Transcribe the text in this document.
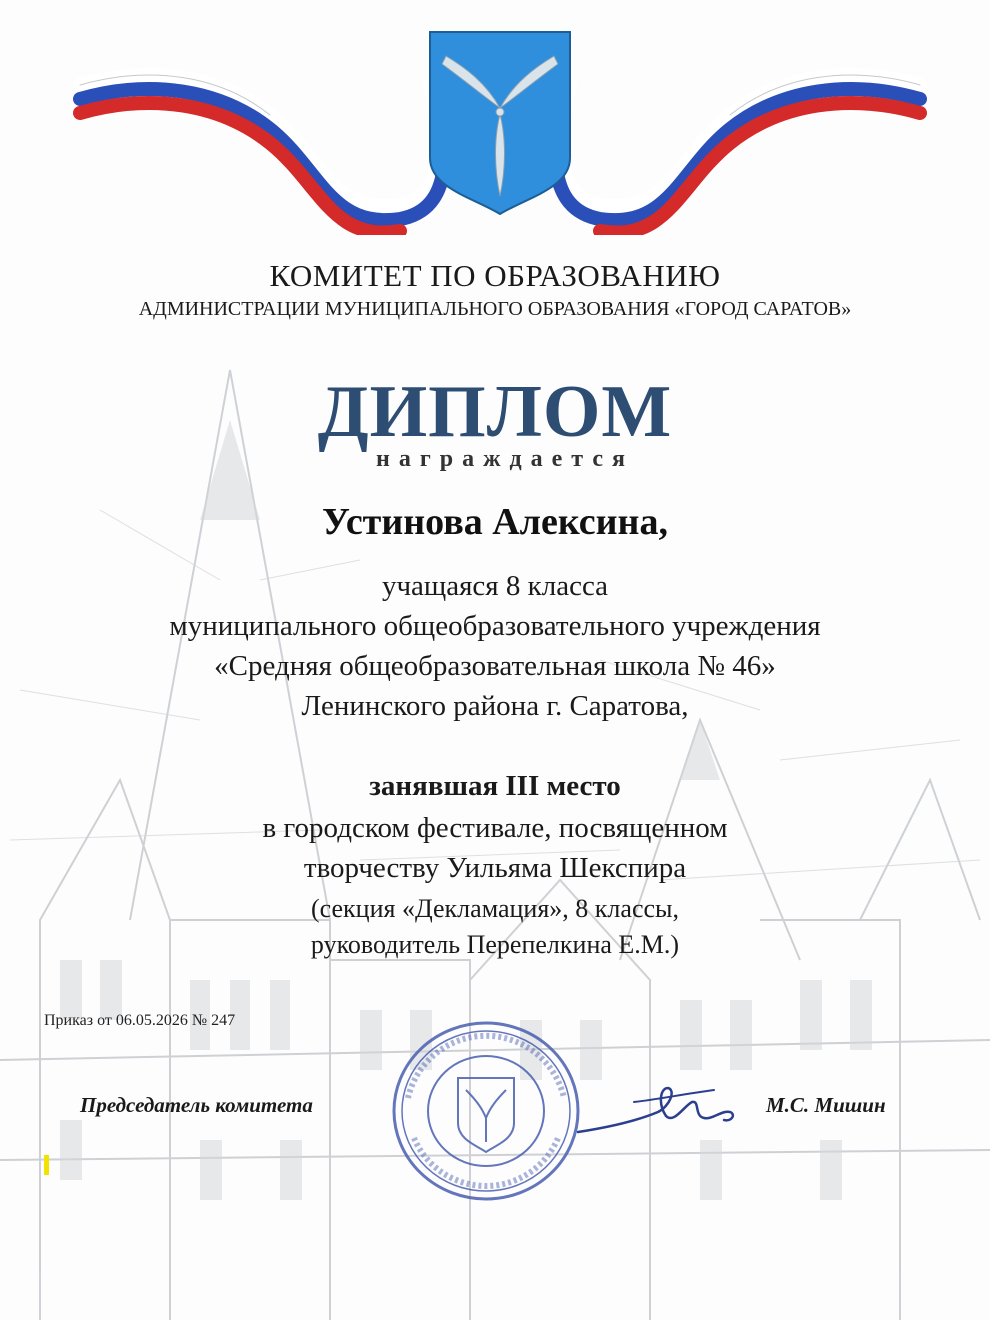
КОМИТЕТ ПО ОБРАЗОВАНИЮ
АДМИНИСТРАЦИИ МУНИЦИПАЛЬНОГО ОБРАЗОВАНИЯ «ГОРОД САРАТОВ»
ДИПЛОМ
награждается
Устинова Алексина,
учащаяся 8 класса
муниципального общеобразовательного учреждения
«Средняя общеобразовательная школа № 46»
Ленинского района г. Саратова,
занявшая III место
в городском фестивале, посвященном
творчеству Уильяма Шекспира
(секция «Декламация», 8 классы,
руководитель Перепелкина Е.М.)
Приказ от 06.05.2026 № 247
Председатель комитета	М.С. Мишин
